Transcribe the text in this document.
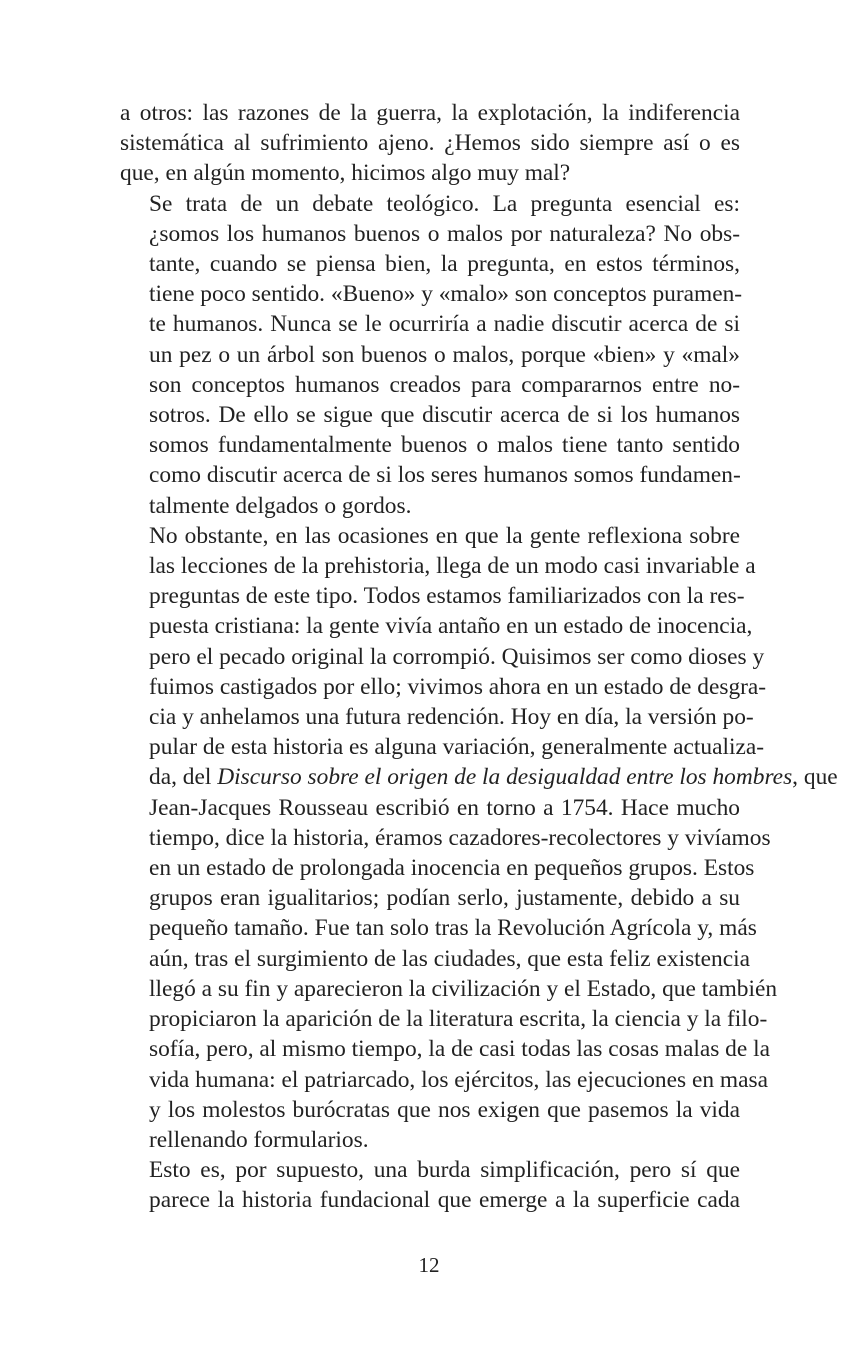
a otros: las razones de la guerra, la explotación, la indiferencia
sistemática al sufrimiento ajeno. ¿Hemos sido siempre así o es
que, en algún momento, hicimos algo muy mal?

Se trata de un debate teológico. La pregunta esencial es:
¿somos los humanos buenos o malos por naturaleza? No obs-
tante, cuando se piensa bien, la pregunta, en estos términos,
tiene poco sentido. «Bueno» y «malo» son conceptos puramen-
te humanos. Nunca se le ocurriría a nadie discutir acerca de si
un pez o un árbol son buenos o malos, porque «bien» y «mal»
son conceptos humanos creados para compararnos entre no-
sotros. De ello se sigue que discutir acerca de si los humanos
somos fundamentalmente buenos o malos tiene tanto sentido
como discutir acerca de si los seres humanos somos fundamen-
talmente delgados o gordos.

No obstante, en las ocasiones en que la gente reflexiona sobre
las lecciones de la prehistoria, llega de un modo casi invariable a
preguntas de este tipo. Todos estamos familiarizados con la res-
puesta cristiana: la gente vivía antaño en un estado de inocencia,
pero el pecado original la corrompió. Quisimos ser como dioses y
fuimos castigados por ello; vivimos ahora en un estado de desgra-
cia y anhelamos una futura redención. Hoy en día, la versión po-
pular de esta historia es alguna variación, generalmente actualiza-
da, del Discurso sobre el origen de la desigualdad entre los hombres, que
Jean-Jacques Rousseau escribió en torno a 1754. Hace mucho
tiempo, dice la historia, éramos cazadores-recolectores y vivíamos
en un estado de prolongada inocencia en pequeños grupos. Estos
grupos eran igualitarios; podían serlo, justamente, debido a su
pequeño tamaño. Fue tan solo tras la Revolución Agrícola y, más
aún, tras el surgimiento de las ciudades, que esta feliz existencia
llegó a su fin y aparecieron la civilización y el Estado, que también
propiciaron la aparición de la literatura escrita, la ciencia y la filo-
sofía, pero, al mismo tiempo, la de casi todas las cosas malas de la
vida humana: el patriarcado, los ejércitos, las ejecuciones en masa
y los molestos burócratas que nos exigen que pasemos la vida
rellenando formularios.

Esto es, por supuesto, una burda simplificación, pero sí que
parece la historia fundacional que emerge a la superficie cada

12
